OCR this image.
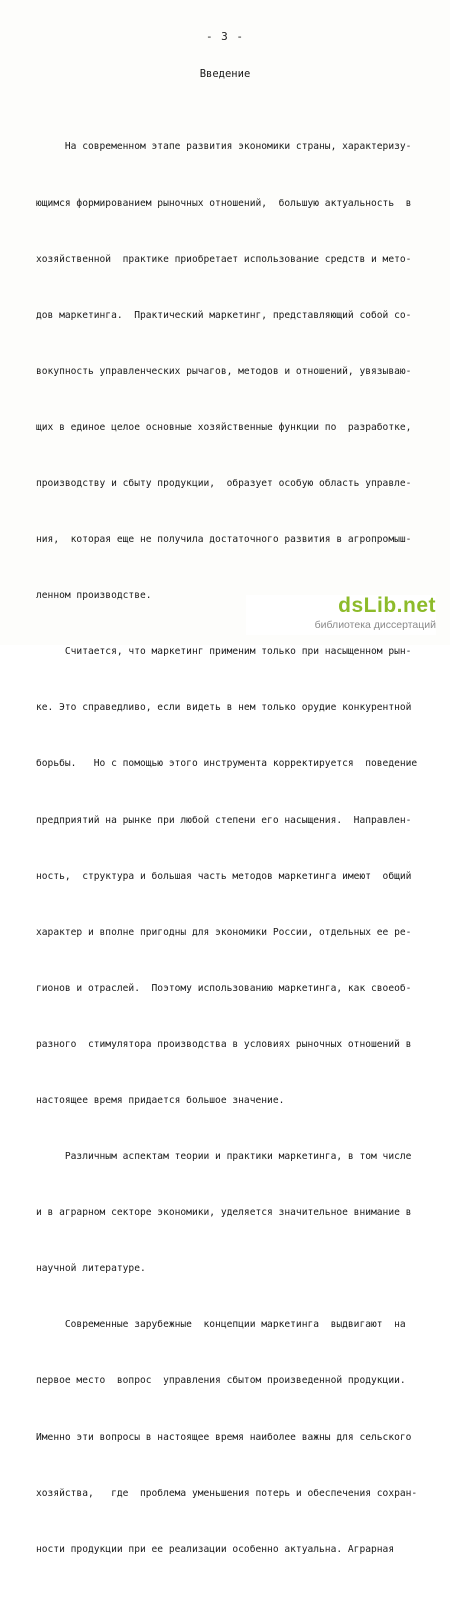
- 3 -
Введение

На современном этапе развития экономики страны, характеризу-

ющимся формированием рыночных отношений,  большую актуальность  в

хозяйственной  практике приобретает использование средств и мето-

дов маркетинга.  Практический маркетинг, представляющий собой со-

вокупность управленческих рычагов, методов и отношений, увязываю-

щих в единое целое основные хозяйственные функции по  разработке,

производству и сбыту продукции,  образует особую область управле-

ния,  которая еще не получила достаточного развития в агропромыш-

ленном производстве.

Считается, что маркетинг применим только при насыщенном рын-

ке. Это справедливо, если видеть в нем только орудие конкурентной

борьбы.   Но с помощью этого инструмента корректируется  поведение

предприятий на рынке при любой степени его насыщения.  Направлен-

ность,  структура и большая часть методов маркетинга имеют  общий

характер и вполне пригодны для экономики России, отдельных ее ре-

гионов и отраслей.  Поэтому использованию маркетинга, как своеоб-

разного  стимулятора производства в условиях рыночных отношений в

настоящее время придается большое значение.

Различным аспектам теории и практики маркетинга, в том числе

и в аграрном секторе экономики, уделяется значительное внимание в

научной литературе.

Современные зарубежные  концепции маркетинга  выдвигают  на

первое место  вопрос  управления сбытом произведенной продукции.

Именно эти вопросы в настоящее время наиболее важны для сельского

хозяйства,   где  проблема уменьшения потерь и обеспечения сохран-

ности продукции при ее реализации особенно актуальна. Аграрная

dsLib.net
библиотека диссертаций
